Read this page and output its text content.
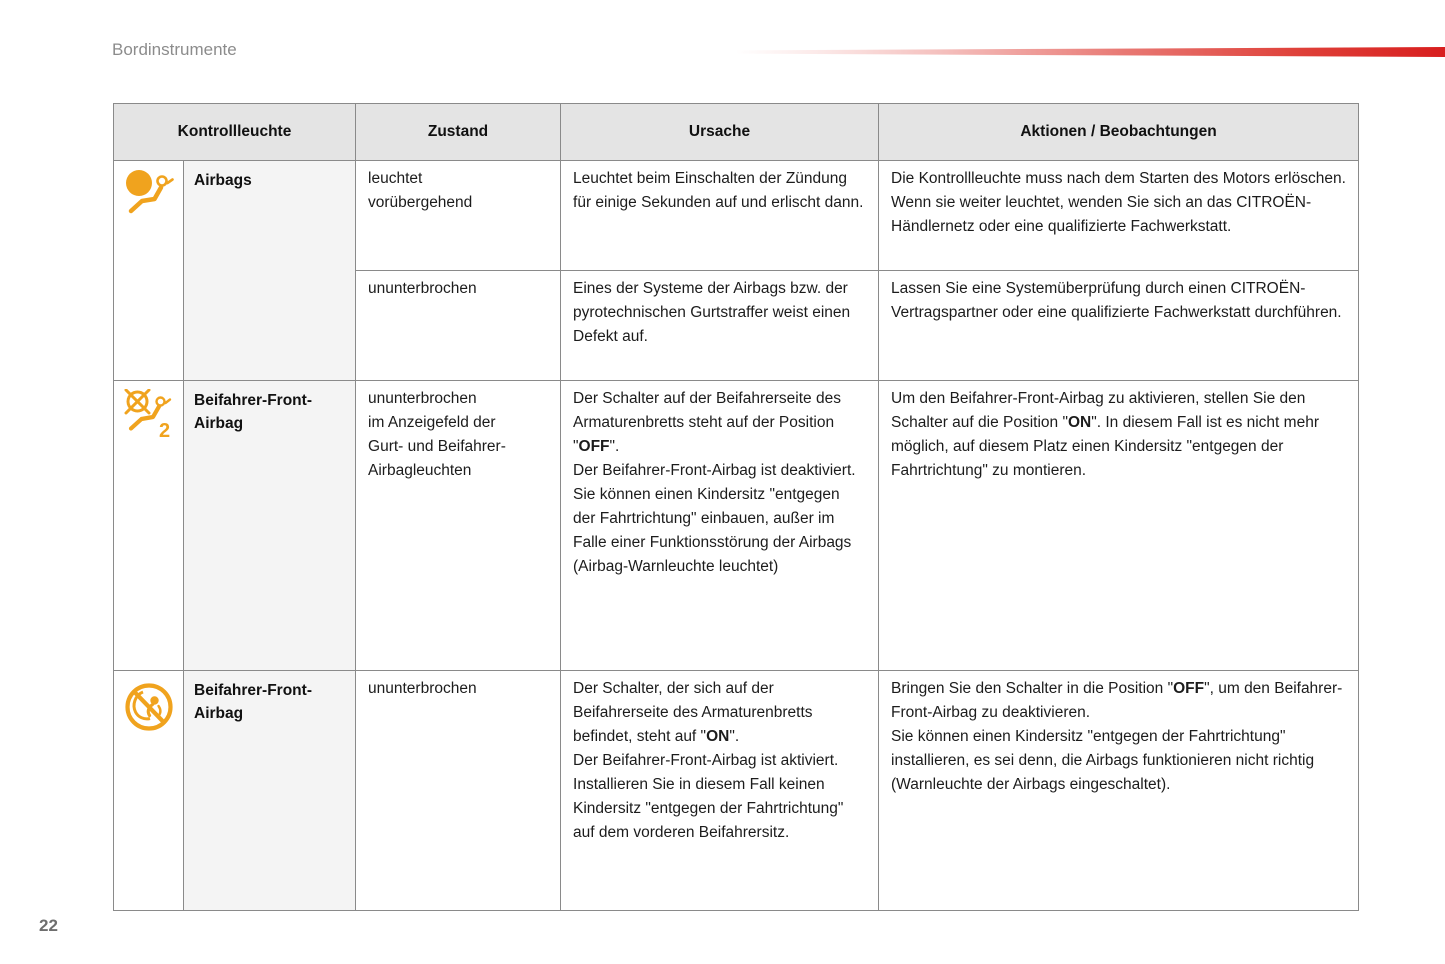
Bordinstrumente
Kontrollleuchte		Zustand	Ursache	Aktionen / Beobachtungen

	Airbags	leuchtet
vorübergehend	Leuchtet beim Einschalten der Zündung für einige Sekunden auf und erlischt dann.	Die Kontrollleuchte muss nach dem Starten des Motors erlöschen.
Wenn sie weiter leuchtet, wenden Sie sich an das CITROËN-Händlernetz oder eine qualifizierte Fachwerkstatt.
		ununterbrochen	Eines der Systeme der Airbags bzw. der pyrotechnischen Gurtstraffer weist einen Defekt auf.	Lassen Sie eine Systemüberprüfung durch einen CITROËN-Vertragspartner oder eine qualifizierte Fachwerkstatt durchführen.

2
	Beifahrer-Front-Airbag	ununterbrochen
im Anzeigefeld der
Gurt- und Beifahrer-
Airbagleuchten	Der Schalter auf der Beifahrerseite des Armaturenbretts steht auf der Position "OFF".
Der Beifahrer-Front-Airbag ist deaktiviert.
Sie können einen Kindersitz "entgegen der Fahrtrichtung" einbauen, außer im Falle einer Funktionsstörung der Airbags (Airbag-Warnleuchte leuchtet)	Um den Beifahrer-Front-Airbag zu aktivieren, stellen Sie den Schalter auf die Position "ON". In diesem Fall ist es nicht mehr möglich, auf diesem Platz einen Kindersitz "entgegen der Fahrtrichtung" zu montieren.

	Beifahrer-Front-Airbag	ununterbrochen	Der Schalter, der sich auf der Beifahrerseite des Armaturenbretts befindet, steht auf "ON".
Der Beifahrer-Front-Airbag ist aktiviert.
Installieren Sie in diesem Fall keinen Kindersitz "entgegen der Fahrtrichtung" auf dem vorderen Beifahrersitz.	Bringen Sie den Schalter in die Position "OFF", um den Beifahrer-Front-Airbag zu deaktivieren.
Sie können einen Kindersitz "entgegen der Fahrtrichtung" installieren, es sei denn, die Airbags funktionieren nicht richtig (Warnleuchte der Airbags eingeschaltet).
22
